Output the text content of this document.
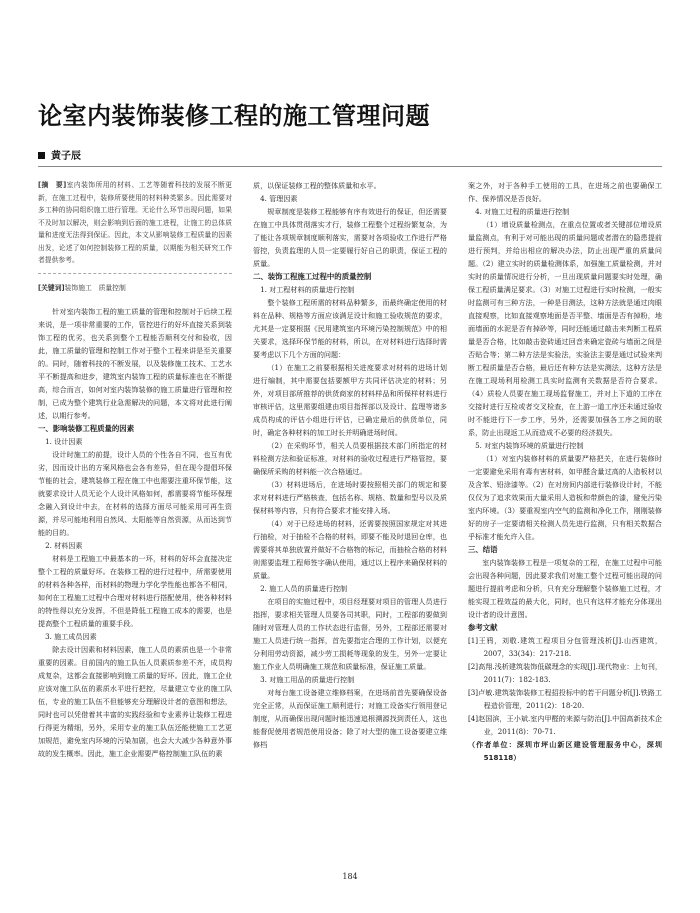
论室内装饰装修工程的施工管理问题
黄子辰

[摘　要]室内装饰所用的材料、工艺等随着科技的发展不断更新，在施工过程中，装修所要使用的材料种类繁多。因此需要对多工种的协同组织施工进行管理。无论什么环节出现问题，如果不及时加以解决，则会影响到后面的施工进程，让施工的总体质量和进度无法得到保证。因此，本文从影响装修工程质量的因素出发，论述了如何控制装修工程的质量，以期能为相关研究工作者提供参考。

[关键词]装饰施工　质量控制

针对室内装饰工程的施工质量的管理和控制对于后续工程来说，是一项非常重要的工作，管控进行的好坏直接关系到装饰工程的优劣，也关系到整个工程能否顺利交付和验收，因此，施工质量的管理和控制工作对于整个工程来讲是至关重要的。同时，随着科技的不断发展，以及装修施工技术、工艺水平不断提高和进步，建筑室内装饰工程的质量标准也在不断提高，综合而言，如何对室内装饰装修的施工质量进行管理和控制，已成为整个建筑行业急需解决的问题，本文将对此进行阐述，以期行参考。

一、影响装修工程质量的因素
1. 设计因素

设计时施工的前提，设计人员的个性各自不同，也互有优劣，因而设计出的方案风格也会各有差异，但在现今提倡环保节能的社会，建筑装修工程在施工中也需要注重环保节能，这就要求设计人员无论个人设计风格如何，都需要将节能环保理念融入到设计中去，在材料的选择方面尽可能采用可再生资源，并尽可能地利用自然风、太阳能等自然资源，从而达到节能的目的。

2. 材料因素

材料是工程施工中最基本的一环，材料的好坏会直接决定整个工程的质量好坏。在装修工程的进行过程中，所需要使用的材料各种各样，而材料的物理力学化学性能也都各不相同，如何在工程施工过程中合理对材料进行搭配使用，使各种材料的特性得以充分发挥，不但是降低工程施工成本的需要，也是提高整个工程质量的重要手段。

3. 施工成员因素

除去设计因素和材料因素，施工人员的素质也是一个非常重要的因素。目前国内的施工队伍人员素质参差不齐，成员构成复杂，这都会直接影响到施工质量的好坏。因此，施工企业应该对施工队伍的素质水平进行把控，尽量建立专业的施工队伍，专业的施工队伍不但能够充分理解设计者的意图和想法，同时也可以凭借着其丰富的实践经验和专业素养让装修工程进行得更为精细，另外，采用专业的施工队伍还能使施工工艺更加规范，避免室内环境的污染加剧，也会大大减少各种意外事故的发生概率。因此，施工企业需要严格控制施工队伍的素

质，以保证装修工程的整体质量和水平。

4. 管理因素

规章制度是装修工程能够有序有效进行的保证，但还需要在施工中具体贯彻落实才行，装修工程整个过程纷繁复杂，为了能让各项规章制度顺利落实，需要对各项验收工作进行严格管控，负责监理的人员一定要履行好自己的职责，保证工程的质量。

二、装饰工程施工过程中的质量控制
1. 对工程材料的质量进行控制

整个装修工程所需的材料品种繁多，而最终确定使用的材料在品种、规格等方面应该满足设计和施工验收规范的要求，尤其是一定要根据《民用建筑室内环境污染控制规范》中的相关要求，选择环保节能的材料，所以，在对材料进行选择时需要考虑以下几个方面的问题：

（1）在施工之前要根据相关进度要求对材料的进场计划进行编制，其中需要包括要额甲方共同评估决定的材料；另外，对项目部所推荐的供货商家的材料样品和所保样材料进行审核评估，这里需要组建由项目指挥部以及设计、监理等诸多成员构成的评估小组进行评估，已确定最后的供货单位，同时，确定各种材料的加工时长并明确进场时间。

（2）在采购环节，相关人员要根据技术部门所指定的材料检测方法和验证标准，对材料的验收过程进行严格管控，要确保所采购的材料能一次合格通过。

（3）材料进场后，在进场时要按照相关部门的规定和要求对材料进行严格核查，包括名称、规格、数量和型号以及质保材料等内容，只有符合要求才能安排入场。

（4）对于已经进场的材料，还需要按照国家规定对其进行抽检，对于抽检不合格的材料，即要不能及时退回仓库，也需要将其单独放置并做好不合格物的标记，而抽检合格的材料则需要监理工程师签字确认使用，通过以上程序来确保材料的质量。

2. 施工人员的质量进行控制

在项目的实施过程中，项目经理要对项目的管理人员进行指挥，要求相关管理人员要各司其职，同时，工程部的要做到随时对管理人员的工作状态进行监督，另外，工程部还需要对施工人员进行统一指挥，首先要指定合理的工作计划，以便充分利用劳动资源，减少劳工损耗等现象的发生，另外一定要让施工作业人员明确施工规范和质量标准，保证施工质量。

3. 对施工用品的质量进行控制

对每台施工设备建立维修档案，在进场前首先要确保设备完全正常，从而保证施工顺利进行；对施工设备实行领用登记制度，从而确保出现问题时能迅速追根溯源找到责任人，这也能督促使用者规范使用设备；除了对大型的施工设备要建立维修档

案之外，对于各种手工使用的工具，在进场之前也要确保工作、保养情况是否良好。

4. 对施工过程的质量进行控制

（1）增设质量检测点，在重点位置或者关键部位增设质量监测点，有利于对可能出现的质量问题或者潜在的隐患提前进行预判，并给出相应的解决办法，防止出现严重的质量问题。（2）建立实时的质量检测体系，加强施工质量检测，并对实时的质量情况进行分析，一旦出现质量问题要实时处理，确保工程质量满足要求。（3）对施工过程进行实时检测，一般实时监测可有三种方法，一种是目测法，这种方法就是通过肉眼直接观察，比如直接观察地面是否平整、墙面是否有掉粉，地面墙面的水泥是否有掉砂等，同时还能通过敲击来判断工程质量是否合格，比如敲击瓷砖通过回音来确定瓷砖与墙面之间是否贴合等；第二种方法是实验法，实验法主要是通过试验来判断工程质量是否合格，最后还有种方法是实测法，这种方法是在施工现场利用检测工具实时监测有关数据是否符合要求。（4）质检人员要在施工现场监督施工，并对上下道的工序在交接时进行互检或者交叉检查，在上游一道工序还未通过验收时不能进行下一步工序，另外，还需要加强各工序之间的联系，防止出现返工从而造成不必要的经济损失。

5. 对室内装饰环境的质量进行控制

（1）对室内装修材料的质量要严格把关，在进行装修时一定要避免采用有毒有害材料，如甲醛含量过高的人造板材以及含苯、铅涂漆等。（2）在对房间内部进行装修设计时，不能仅仅为了追求效果而大量采用人造板和带颜色的漆，避免污染室内环境。（3）要重视室内空气的监测和净化工作，刚刚装修好的房子一定要请相关检测人员先进行监测，只有相关数据合乎标准才能允许入住。

三、结语

室内装饰装修工程是一项复杂的工程，在施工过程中可能会出现各种问题，因此要求我们对施工整个过程可能出现的问题进行提前考虑和分析，只有充分理解整个装修施工过程，才能实现工程效益的最大化，同时，也只有这样才能充分体现出设计者的设计意图。

参考文献

[1]王鸦，刘敬.建筑工程项目分包管理浅析[J].山西建筑，2007，33(34)：217-218.

[2]高翔.浅析建筑装饰低碳理念的实现[J].现代物业：上旬刊，2011(7)：182-183.

[3]卢敏.建筑装饰装修工程招投标中的若干问题分析[J].铁路工程造价管理，2011(2)：18-20.

[4]赵国滨，王小斌.室内甲醛的来源与防治[J].中国高新技术企业，2011(8)：70-71.

（作者单位：深圳市坪山新区建设管理服务中心，深圳 518118）

184
